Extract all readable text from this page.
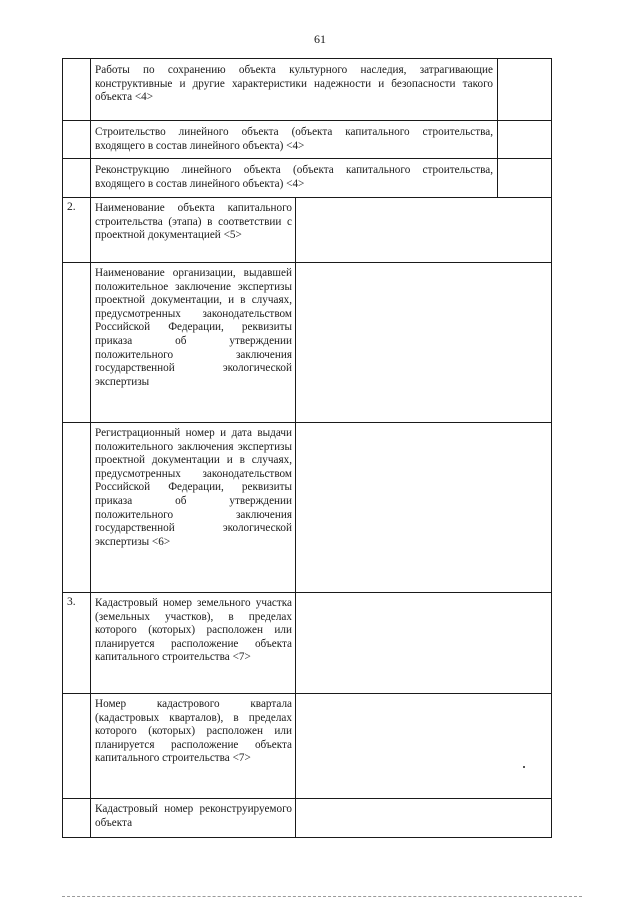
61

	Работы по сохранению объекта культурного наследия, затрагивающие конструктивные и другие характеристики надежности и безопасности такого объекта <4>		

	Строительство линейного объекта (объекта капитального строительства, входящего в состав линейного объекта) <4>		

	Реконструкцию линейного объекта (объекта капитального строительства, входящего в состав линейного объекта) <4>		

2.	Наименование объекта капитального строительства (этапа) в соответствии с проектной документацией <5>		

	Наименование организации, выдавшей положительное заключение экспертизы проектной документации, и в случаях, предусмотренных законодательством Российской Федерации, реквизиты приказа об утверждении положительного заключения государственной экологической экспертизы		

	Регистрационный номер и дата выдачи положительного заключения экспертизы проектной документации и в случаях, предусмотренных законодательством Российской Федерации, реквизиты приказа об утверждении положительного заключения государственной экологической экспертизы <6>		

3.	Кадастровый номер земельного участка (земельных участков), в пределах которого (которых) расположен или планируется расположение объекта капитального строительства <7>		

	Номер кадастрового квартала (кадастровых кварталов), в пределах которого (которых) расположен или планируется расположение объекта капитального строительства <7>		

	Кадастровый номер реконструируемого объекта		
